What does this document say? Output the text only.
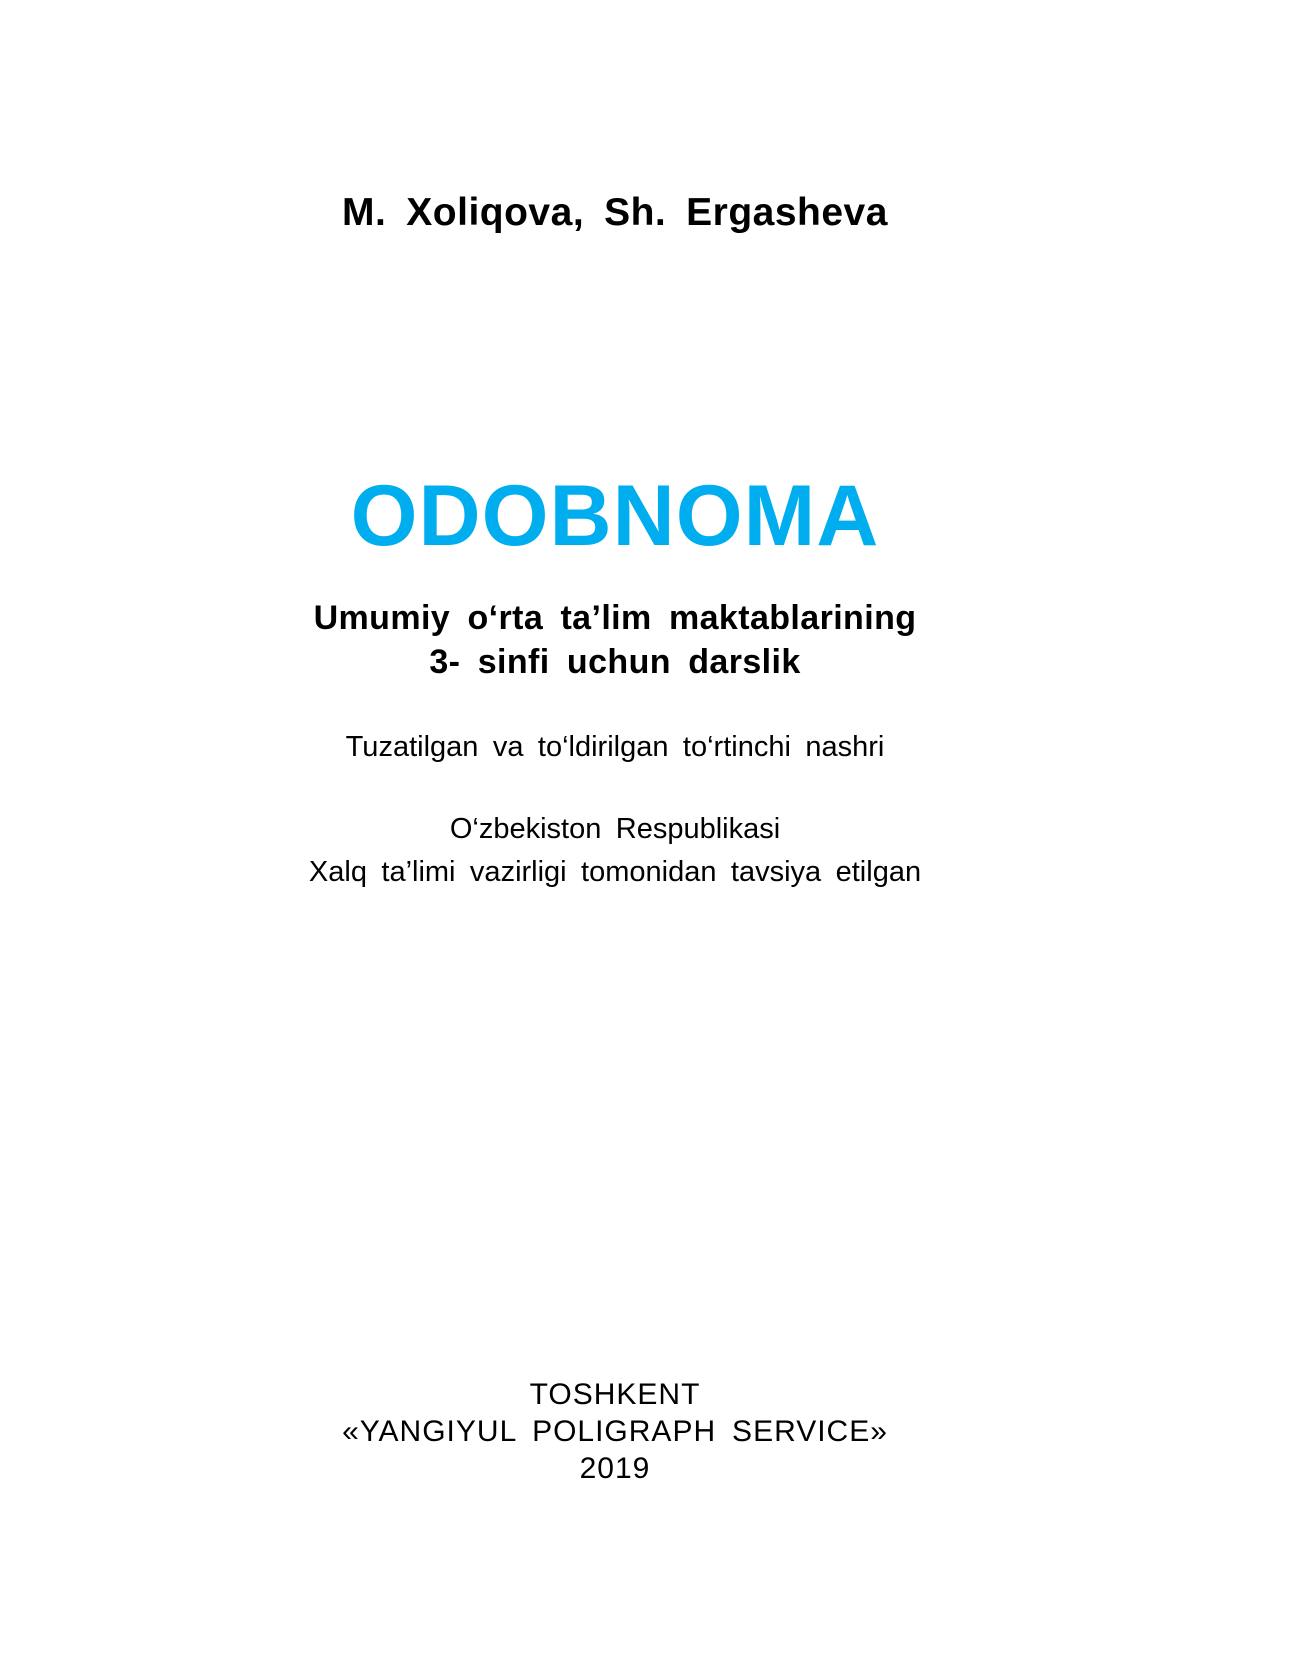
M. Xoliqova, Sh. Ergasheva
ODOBNOMA
Umumiy o‘rta ta’lim maktablarining
3- sinfi uchun darslik
Tuzatilgan va to‘ldirilgan to‘rtinchi nashri
O‘zbekiston Respublikasi
Xalq ta’limi vazirligi tomonidan tavsiya etilgan
TOSHKENT
«YANGIYUL POLIGRAPH SERVICE»
2019
